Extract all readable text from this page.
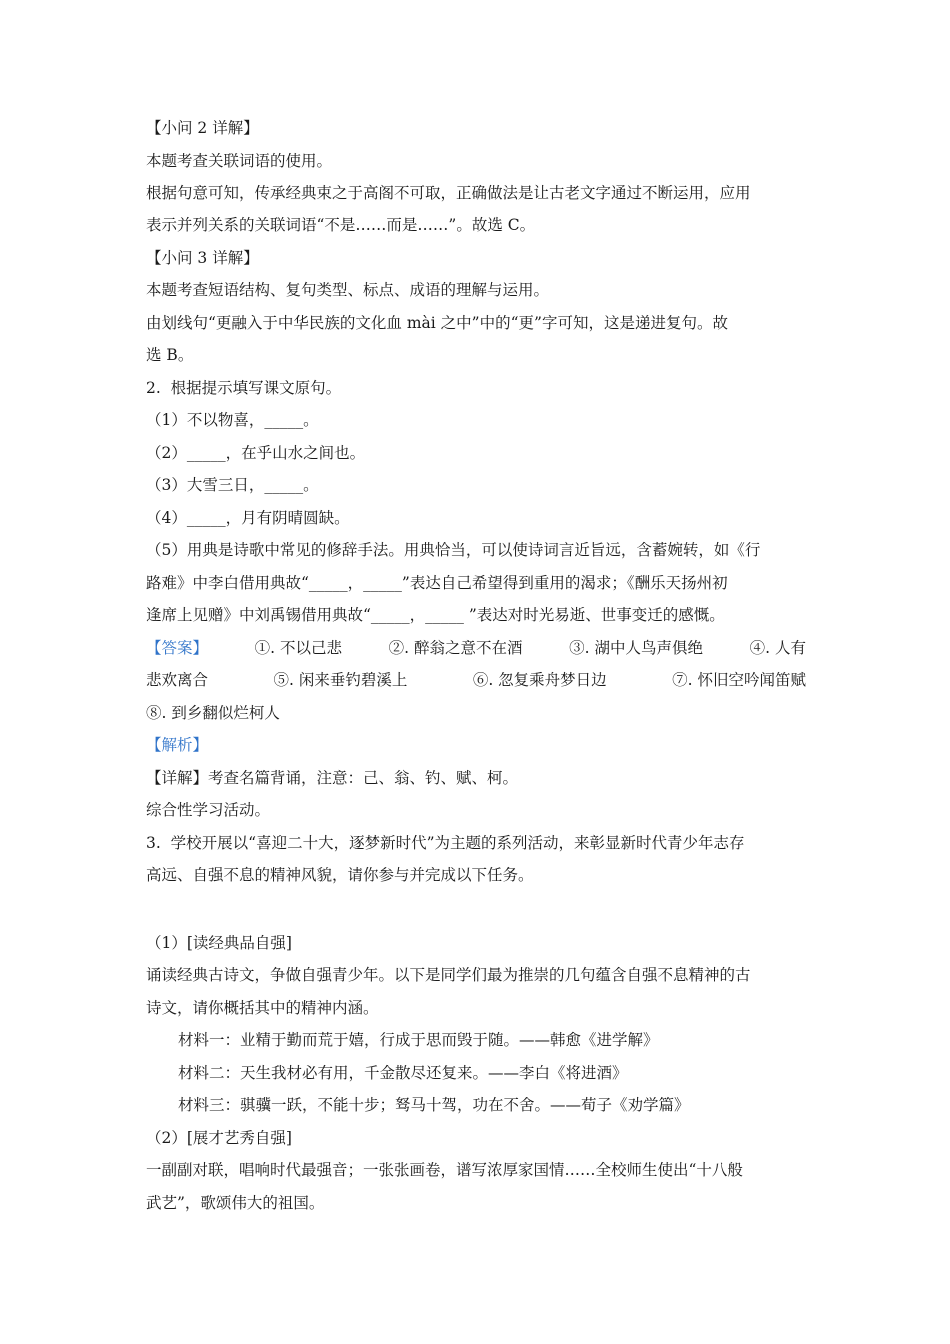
【小问 2 详解】
本题考查关联词语的使用。
根据句意可知，传承经典束之于高阁不可取，正确做法是让古老文字通过不断运用，应用
表示并列关系的关联词语“不是……而是……”。故选 C。
【小问 3 详解】
本题考查短语结构、复句类型、标点、成语的理解与运用。
由划线句“更融入于中华民族的文化血 mài 之中”中的“更”字可知，这是递进复句。故
选 B。
2.  根据提示填写课文原句。
（1）不以物喜，_____。
（2）_____，在乎山水之间也。
（3）大雪三日，_____。
（4）_____，月有阴晴圆缺。
（5）用典是诗歌中常见的修辞手法。用典恰当，可以使诗词言近旨远，含蓄婉转，如《行
路难》中李白借用典故“_____，_____”表达自己希望得到重用的渴求；《酬乐天扬州初
逢席上见赠》中刘禹锡借用典故“_____，_____ ”表达对时光易逝、世事变迁的感慨。
【答案】	①. 不以己悲	②. 醉翁之意不在酒	③. 湖中人鸟声俱绝	④. 人有
悲欢离合	⑤. 闲来垂钓碧溪上	⑥. 忽复乘舟梦日边	⑦. 怀旧空吟闻笛赋
⑧. 到乡翻似烂柯人
【解析】
【详解】考查名篇背诵，注意：己、翁、钓、赋、柯。
综合性学习活动。
3.  学校开展以“喜迎二十大，逐梦新时代”为主题的系列活动，来彰显新时代青少年志存
高远、自强不息的精神风貌，请你参与并完成以下任务。
（1）[读经典品自强]
诵读经典古诗文，争做自强青少年。以下是同学们最为推崇的几句蕴含自强不息精神的古
诗文，请你概括其中的精神内涵。
材料一：业精于勤而荒于嬉，行成于思而毁于随。——韩愈《进学解》
材料二：天生我材必有用，千金散尽还复来。——李白《将进酒》
材料三：骐骥一跃，不能十步；驽马十驾，功在不舍。——荀子《劝学篇》
（2）[展才艺秀自强]
一副副对联，唱响时代最强音；一张张画卷，谱写浓厚家国情……全校师生使出“十八般
武艺”，歌颂伟大的祖国。
